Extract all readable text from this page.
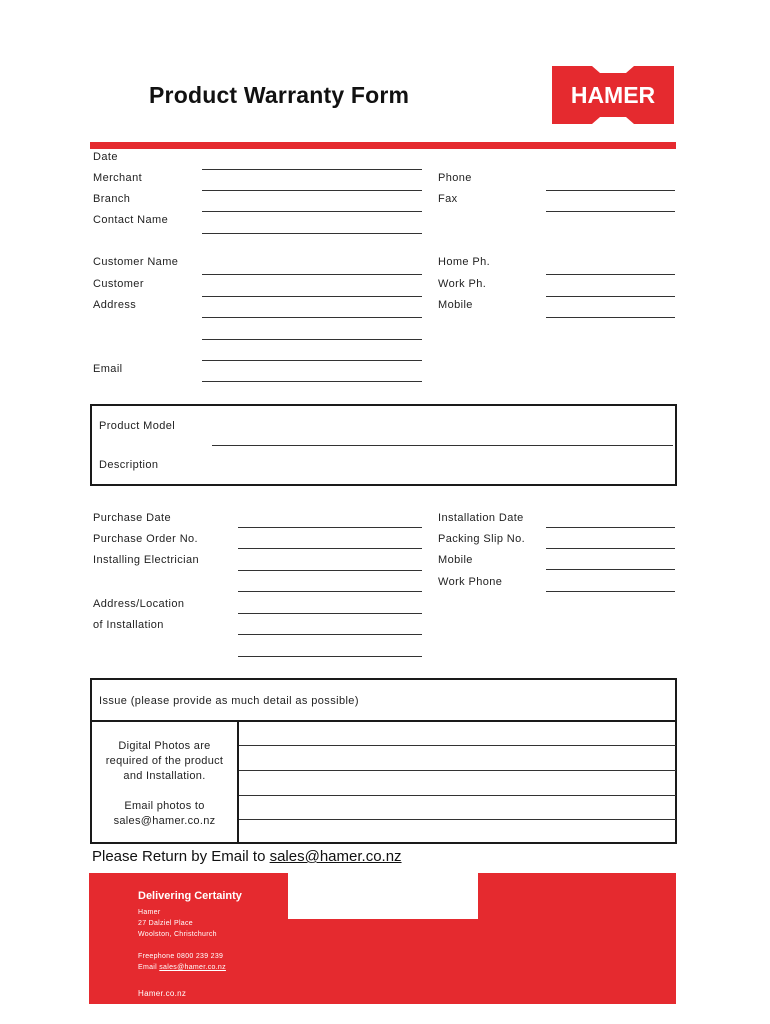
Product Warranty Form	HAMER
Date
Merchant
Branch
Contact Name
Phone
Fax
Customer Name
Customer
Address
Email
Home Ph.
Work Ph.
Mobile
Product Model
Description
Purchase Date
Purchase Order No.
Installing Electrician
Address/Location
of Installation
Installation Date
Packing Slip No.
Mobile
Work Phone
Issue (please provide as much detail as possible)
Digital Photos are
required of the product
and Installation.
Email photos to
sales@hamer.co.nz
Please Return by Email to sales@hamer.co.nz
Delivering Certainty
Hamer
27 Dalziel Place
Woolston, Christchurch
Freephone 0800 239 239
Email sales@hamer.co.nz
Hamer.co.nz
